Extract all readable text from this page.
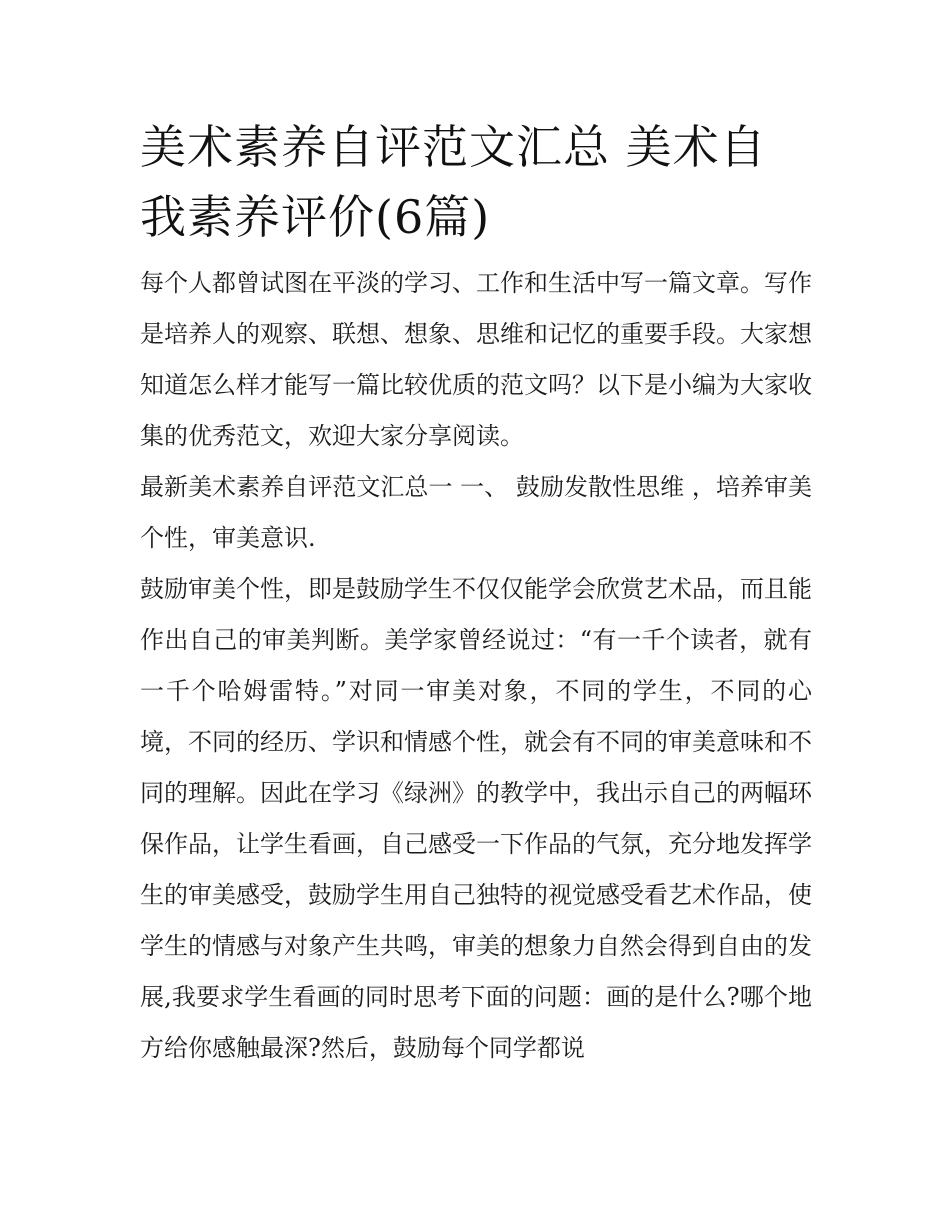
美术素养自评范文汇总 美术自我素养评价(6篇)

每个人都曾试图在平淡的学习、工作和生活中写一篇文章。写作是培养人的观察、联想、想象、思维和记忆的重要手段。大家想知道怎么样才能写一篇比较优质的范文吗？以下是小编为大家收集的优秀范文，欢迎大家分享阅读。

最新美术素养自评范文汇总一 一、 鼓励发散性思维 ，培养审美个性，审美意识.

鼓励审美个性，即是鼓励学生不仅仅能学会欣赏艺术品，而且能作出自己的审美判断。美学家曾经说过：“有一千个读者，就有一千个哈姆雷特。”对同一审美对象，不同的学生，不同的心境，不同的经历、学识和情感个性，就会有不同的审美意味和不同的理解。因此在学习《绿洲》的教学中，我出示自己的两幅环保作品，让学生看画，自己感受一下作品的气氛，充分地发挥学生的审美感受，鼓励学生用自己独特的视觉感受看艺术作品，使学生的情感与对象产生共鸣，审美的想象力自然会得到自由的发展,我要求学生看画的同时思考下面的问题：画的是什么?哪个地方给你感触最深?然后，鼓励每个同学都说
